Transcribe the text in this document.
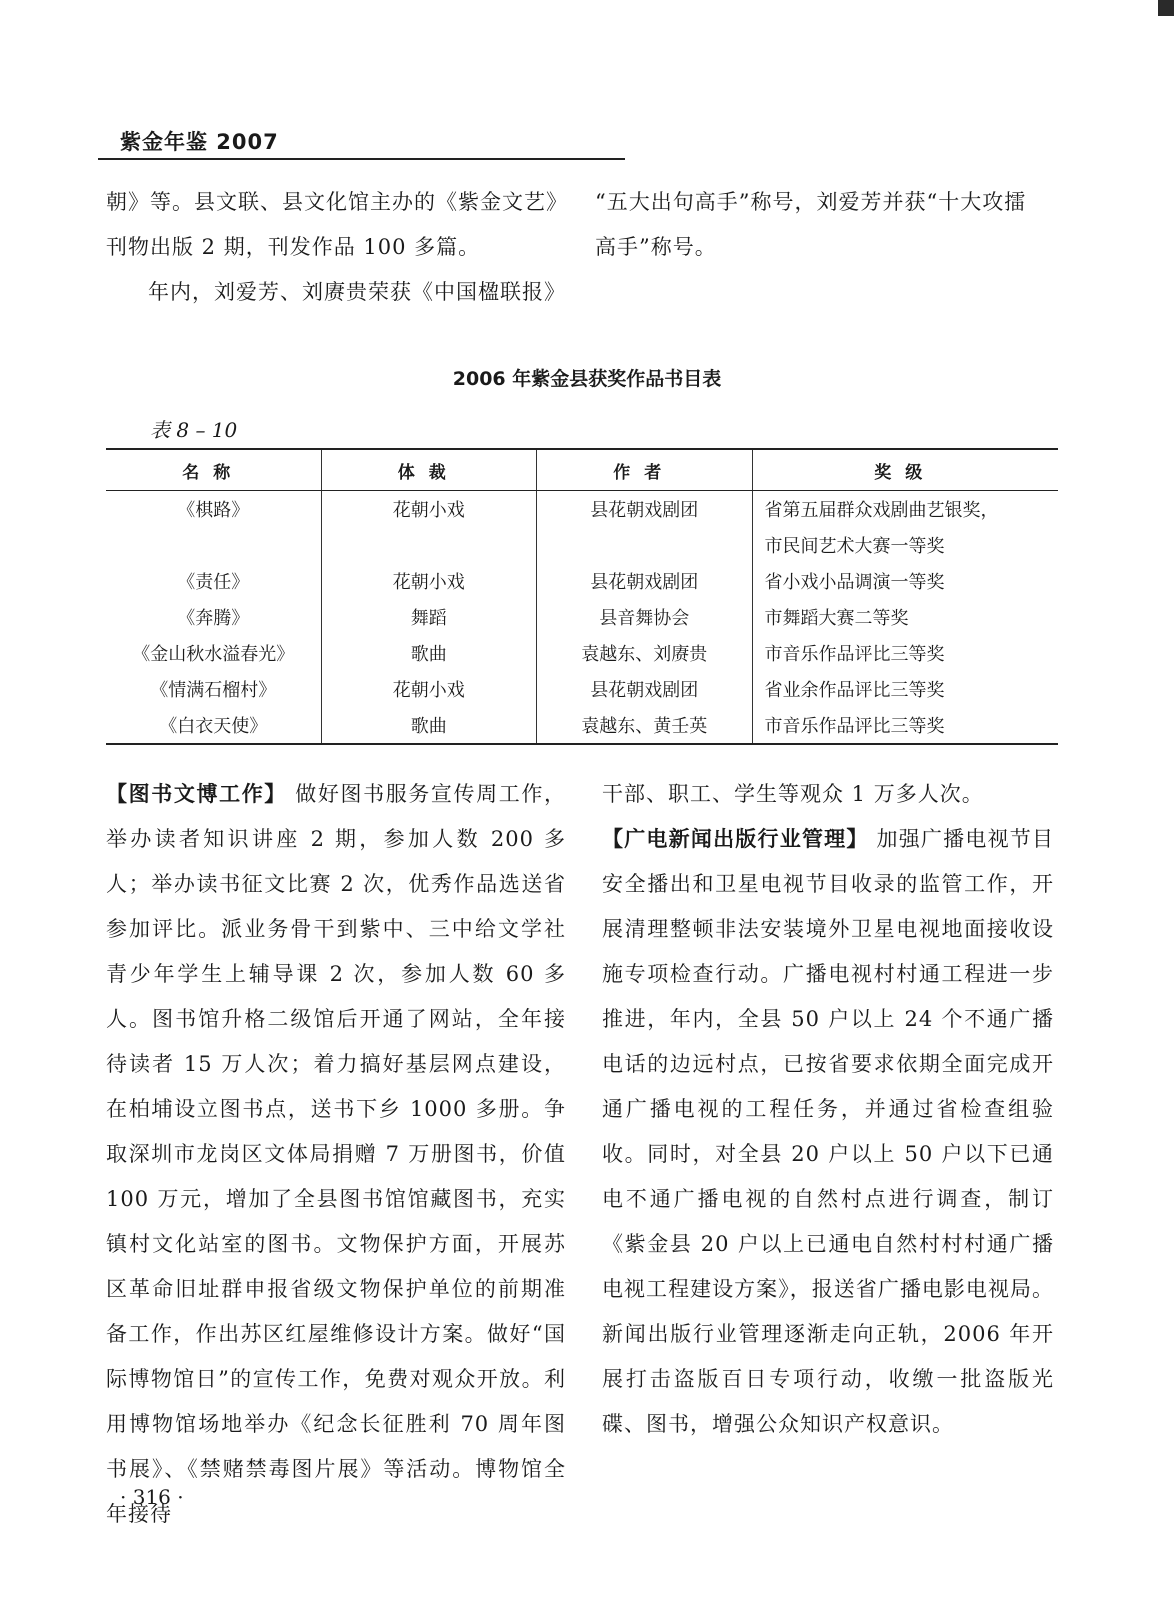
紫金年鉴 2007
朝》等。县文联、县文化馆主办的《紫金文艺》
刊物出版 2 期，刊发作品 100 多篇。
年内，刘爱芳、刘赓贵荣获《中国楹联报》
“五大出句高手”称号，刘爱芳并获“十大攻擂
高手”称号。
2006 年紫金县获奖作品书目表
表 8 – 10
名称	体裁	作者	奖级
《棋路》	花朝小戏	县花朝戏剧团	省第五届群众戏剧曲艺银奖，
			市民间艺术大赛一等奖
《责任》	花朝小戏	县花朝戏剧团	省小戏小品调演一等奖
《奔腾》	舞蹈	县音舞协会	市舞蹈大赛二等奖
《金山秋水溢春光》	歌曲	袁越东、刘赓贵	市音乐作品评比三等奖
《情满石榴村》	花朝小戏	县花朝戏剧团	省业余作品评比三等奖
《白衣天使》	歌曲	袁越东、黄壬英	市音乐作品评比三等奖
【图书文博工作】 做好图书服务宣传周工作，举办读者知识讲座 2 期，参加人数 200 多人；举办读书征文比赛 2 次，优秀作品选送省参加评比。派业务骨干到紫中、三中给文学社青少年学生上辅导课 2 次，参加人数 60 多人。图书馆升格二级馆后开通了网站，全年接待读者 15 万人次；着力搞好基层网点建设，在柏埔设立图书点，送书下乡 1000 多册。争取深圳市龙岗区文体局捐赠 7 万册图书，价值 100 万元，增加了全县图书馆馆藏图书，充实镇村文化站室的图书。文物保护方面，开展苏区革命旧址群申报省级文物保护单位的前期准备工作，作出苏区红屋维修设计方案。做好“国际博物馆日”的宣传工作，免费对观众开放。利用博物馆场地举办《纪念长征胜利 70 周年图书展》、《禁赌禁毒图片展》等活动。博物馆全年接待
干部、职工、学生等观众 1 万多人次。
【广电新闻出版行业管理】 加强广播电视节目安全播出和卫星电视节目收录的监管工作，开展清理整顿非法安装境外卫星电视地面接收设施专项检查行动。广播电视村村通工程进一步推进，年内，全县 50 户以上 24 个不通广播电话的边远村点，已按省要求依期全面完成开通广播电视的工程任务，并通过省检查组验收。同时，对全县 20 户以上 50 户以下已通电不通广播电视的自然村点进行调查，制订《紫金县 20 户以上已通电自然村村村通广播电视工程建设方案》，报送省广播电影电视局。新闻出版行业管理逐渐走向正轨，2006 年开展打击盗版百日专项行动，收缴一批盗版光碟、图书，增强公众知识产权意识。
· 316 ·
